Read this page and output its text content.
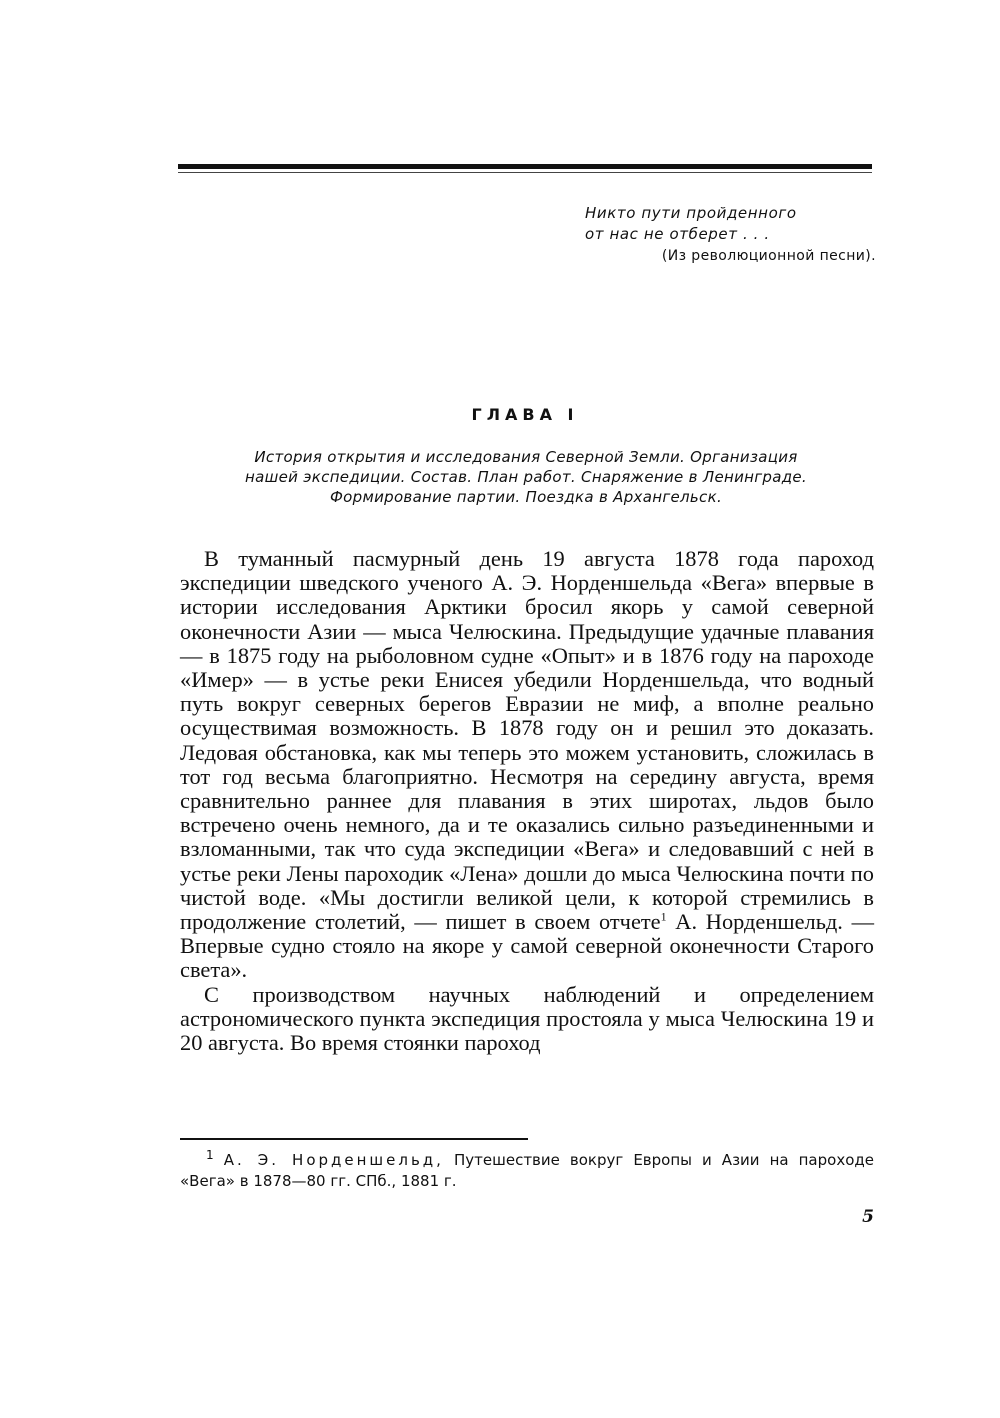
Никто пути пройденного
от нас не отберет . . .
(Из революционной песни).
ГЛАВА I
История открытия и исследования Северной Земли. Организация нашей экспедиции. Состав. План работ. Снаряжение в Ленинграде. Формирование партии. Поездка в Архангельск.

В туманный пасмурный день 19 августа 1878 года пароход экспедиции шведского ученого А. Э. Норденшельда «Вега» впервые в истории исследования Арктики бросил якорь у самой северной оконечности Азии — мыса Челюскина. Предыдущие удачные плавания — в 1875 году на рыболовном судне «Опыт» и в 1876 году на пароходе «Имер» — в устье реки Енисея убедили Норденшельда, что водный путь вокруг северных берегов Евразии не миф, а вполне реально осуществимая возможность. В 1878 году он и решил это доказать. Ледовая обстановка, как мы теперь это можем установить, сложилась в тот год весьма благоприятно. Несмотря на середину августа, время сравнительно раннее для плавания в этих широтах, льдов было встречено очень немного, да и те оказались сильно разъединенными и взломанными, так что суда экспедиции «Вега» и следовавший с ней в устье реки Лены пароходик «Лена» дошли до мыса Челюскина почти по чистой воде. «Мы достигли великой цели, к которой стремились в продолжение столетий, — пишет в своем отчете$^1$ А. Норденшельд. — Впервые судно стояло на якоре у самой северной оконечности Старого света».

С производством научных наблюдений и определением астрономического пункта экспедиция простояла у мыса Челюскина 19 и 20 августа. Во время стоянки пароход

$^1$ А. Э. Норденшельд, Путешествие вокруг Европы и Азии на пароходе «Вега» в 1878—80 гг. СПб., 1881 г.
5
